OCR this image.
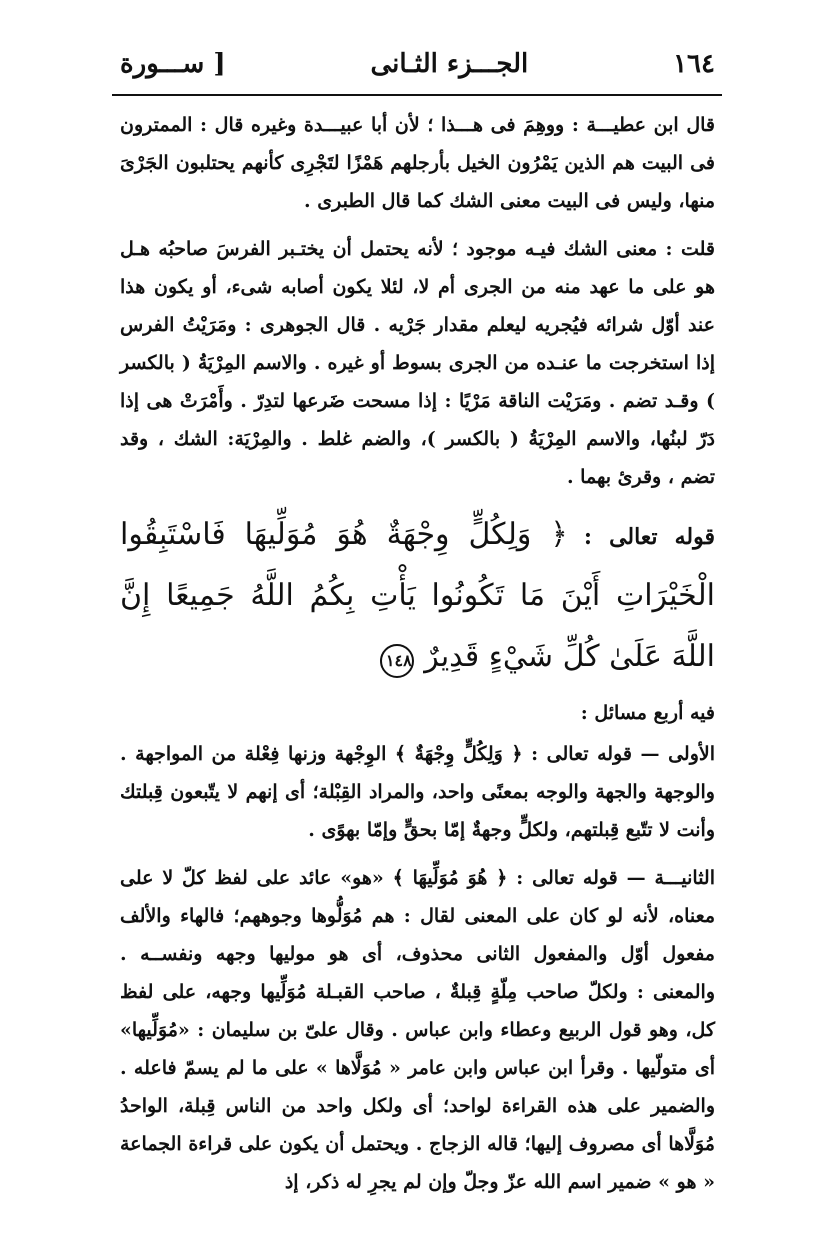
١٦٤
الجـــزء الثـانى
[ ســـورة

قال ابن عطيـــة : ووهِمَ فى هـــذا ؛ لأن أبا عبيـــدة وغيره قال : الممترون فى البيت هم الذين يَمْرُون الخيل بأرجلهم هَمْزًا لتَجْرِى كأنهم يحتلبون الجَرْىَ منها، وليس فى البيت معنى الشك كما قال الطبرى .

قلت : معنى الشك فيـه موجود ؛ لأنه يحتمل أن يختـبر الفرسَ صاحبُه هـل هو على ما عهد منه من الجرى أم لا، لئلا يكون أصابه شىء، أو يكون هذا عند أوّل شرائه فيُجريه ليعلم مقدار جَرْيه . قال الجوهرى : ومَرَيْتُ الفرس إذا استخرجت ما عنـده من الجرى بسوط أو غيره . والاسم المِرْيَةُ ( بالكسر ) وقـد تضم . ومَرَيْت الناقة مَرْيًا : إذا مسحت ضَرعها لتدِرّ . وأَمْرَتْ هى إذا دَرّ لبنُها، والاسم المِرْيَةُ ( بالكسر )، والضم غلط . والمِرْيَة: الشك ، وقد تضم ، وقرئ بهما .

قوله تعالى : ﴿ وَلِكُلٍّ وِجْهَةٌ هُوَ مُوَلِّيهَا فَاسْتَبِقُوا الْخَيْرَاتِ أَيْنَ مَا تَكُونُوا يَأْتِ بِكُمُ اللَّهُ جَمِيعًا إِنَّ اللَّهَ عَلَىٰ كُلِّ شَيْءٍ قَدِيرٌ ١٤٨

فيه أربع مسائل :

الأولى — قوله تعالى : ﴿ وَلِكُلٍّ وِجْهَةٌ ﴾ الوِجْهة وزنها فِعْلة من المواجهة . والوجهة والجهة والوجه بمعنًى واحد، والمراد القِبْلة؛ أى إنهم لا يتّبعون قِبلتك وأنت لا تتّبع قِبلتهم، ولكلٍّ وجهةٌ إمّا بحقٍّ وإمّا بهوًى .

الثانيـــة — قوله تعالى : ﴿ هُوَ مُوَلِّيهَا ﴾ «هو» عائد على لفظ كلّ لا على معناه، لأنه لو كان على المعنى لقال : هم مُوَلُّوها وجوههم؛ فالهاء والألف مفعول أوّل والمفعول الثانى محذوف، أى هو موليها وجهه ونفســه . والمعنى : ولكلّ صاحب مِلّةٍ قِبلةٌ ، صاحب القبـلة مُوَلِّيها وجهه، على لفظ كل، وهو قول الربيع وعطاء وابن عباس . وقال علىّ بن سليمان : «مُوَلِّيها» أى متولّيها . وقرأ ابن عباس وابن عامر « مُوَلَّاها » على ما لم يسمّ فاعله . والضمير على هذه القراءة لواحد؛ أى ولكل واحد من الناس قِبلة، الواحدُ مُوَلَّاها أى مصروف إليها؛ قاله الزجاج . ويحتمل أن يكون على قراءة الجماعة « هو » ضمير اسم الله عزّ وجلّ وإن لم يجرِ له ذكر، إذ
